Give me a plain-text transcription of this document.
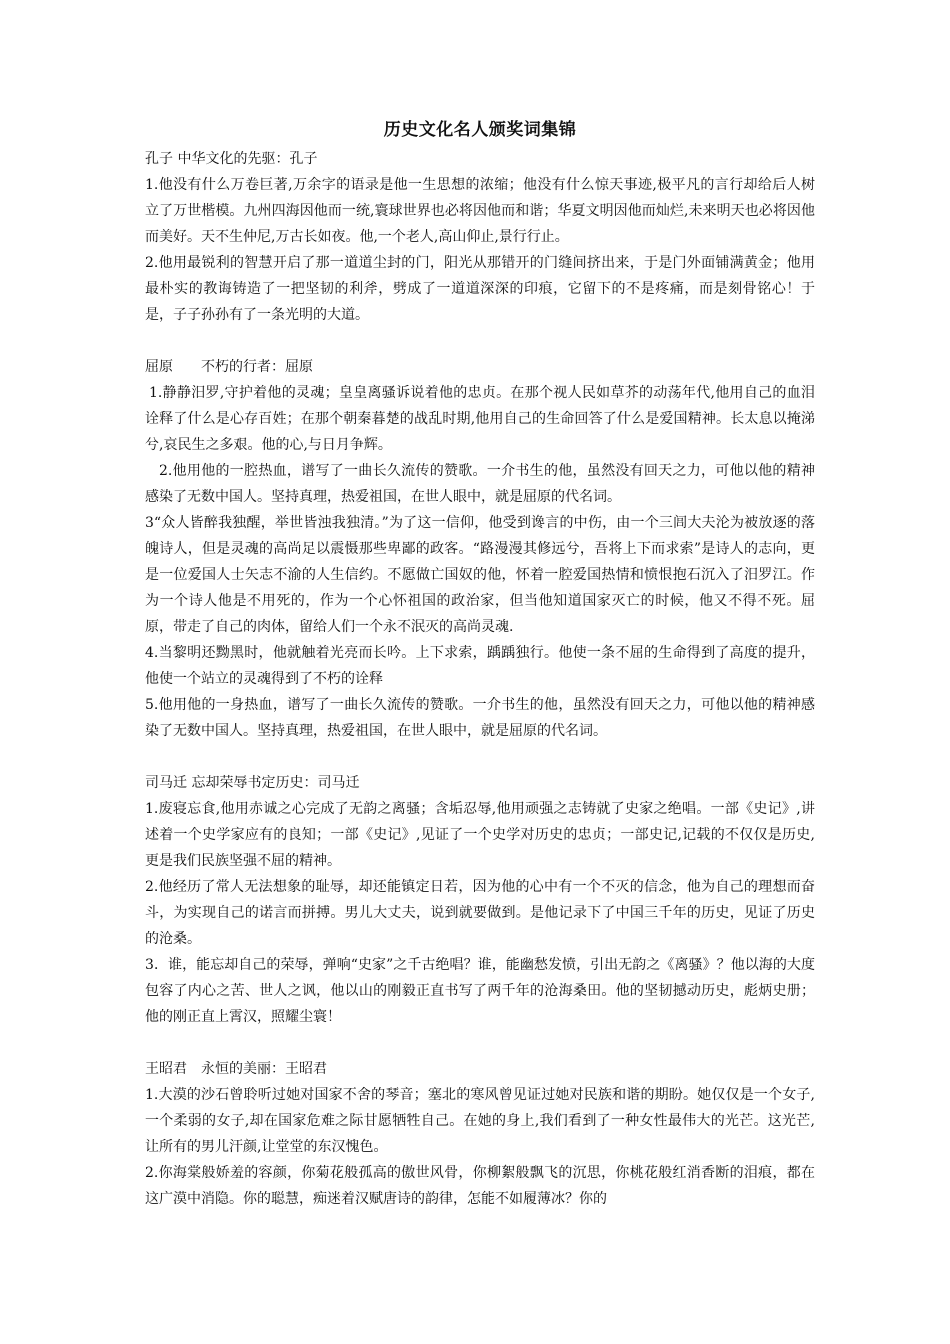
历史文化名人颁奖词集锦

孔子 中华文化的先驱：孔子

1.他没有什么万卷巨著,万余字的语录是他一生思想的浓缩；他没有什么惊天事迹,极平凡的言行却给后人树　立了万世楷模。九州四海因他而一统,寰球世界也必将因他而和谐；华夏文明因他而灿烂,未来明天也必将因他而美好。天不生仲尼,万古长如夜。他,一个老人,高山仰止,景行行止。

2.他用最锐利的智慧开启了那一道道尘封的门，阳光从那错开的门缝间挤出来，于是门外面铺满黄金；他用最朴实的教诲铸造了一把坚韧的利斧，劈成了一道道深深的印痕，它留下的不是疼痛，而是刻骨铭心！于是，子子孙孙有了一条光明的大道。

屈原　　不朽的行者：屈原

1.静静汨罗,守护着他的灵魂；皇皇离骚诉说着他的忠贞。在那个视人民如草芥的动荡年代,他用自己的血泪诠释了什么是心存百姓；在那个朝秦暮楚的战乱时期,他用自己的生命回答了什么是爱国精神。长太息以掩涕兮,哀民生之多艰。他的心,与日月争辉。

2.他用他的一腔热血，谱写了一曲长久流传的赞歌。一介书生的他，虽然没有回天之力，可他以他的精神感染了无数中国人。坚持真理，热爱祖国，在世人眼中，就是屈原的代名词。

3“众人皆醉我独醒，举世皆浊我独清。”为了这一信仰，他受到谗言的中伤，由一个三闾大夫沦为被放逐的落魄诗人，但是灵魂的高尚足以震慑那些卑鄙的政客。“路漫漫其修远兮，吾将上下而求索”是诗人的志向，更是一位爱国人士矢志不渝的人生信约。不愿做亡国奴的他，怀着一腔爱国热情和愤恨抱石沉入了汨罗江。作为一个诗人他是不用死的，作为一个心怀祖国的政治家，但当他知道国家灭亡的时候，他又不得不死。屈原，带走了自己的肉体，留给人们一个永不泯灭的高尚灵魂.

4.当黎明还黝黑时，他就触着光亮而长吟。上下求索，踽踽独行。他使一条不屈的生命得到了高度的提升，他使一个站立的灵魂得到了不朽的诠释

5.他用他的一身热血，谱写了一曲长久流传的赞歌。一介书生的他，虽然没有回天之力，可他以他的精神感染了无数中国人。坚持真理，热爱祖国，在世人眼中，就是屈原的代名词。

司马迁 忘却荣辱书定历史：司马迁

1.废寝忘食,他用赤诚之心完成了无韵之离骚；含垢忍辱,他用顽强之志铸就了史家之绝唱。一部《史记》,讲述着一个史学家应有的良知；一部《史记》,见证了一个史学对历史的忠贞；一部史记,记载的不仅仅是历史,更是我们民族坚强不屈的精神。

2.他经历了常人无法想象的耻辱，却还能镇定日若，因为他的心中有一个不灭的信念，他为自己的理想而奋斗，为实现自己的诺言而拼搏。男儿大丈夫，说到就要做到。是他记录下了中国三千年的历史，见证了历史的沧桑。

3．谁，能忘却自己的荣辱，弹响“史家”之千古绝唱？谁，能幽愁发愤，引出无韵之《离骚》？他以海的大度包容了内心之苦、世人之讽，他以山的刚毅正直书写了两千年的沧海桑田。他的坚韧撼动历史，彪炳史册；他的刚正直上霄汉，照耀尘寰！

王昭君　永恒的美丽：王昭君

1.大漠的沙石曾聆听过她对国家不舍的琴音；塞北的寒风曾见证过她对民族和谐的期盼。她仅仅是一个女子,一个柔弱的女子,却在国家危难之际甘愿牺牲自己。在她的身上,我们看到了一种女性最伟大的光芒。这光芒,让所有的男儿汗颜,让堂堂的东汉愧色。

2.你海棠般娇羞的容颜，你菊花般孤高的傲世风骨，你柳絮般飘飞的沉思，你桃花般红消香断的泪痕，都在这广漠中消隐。你的聪慧，痴迷着汉赋唐诗的韵律，怎能不如履薄冰？你的
